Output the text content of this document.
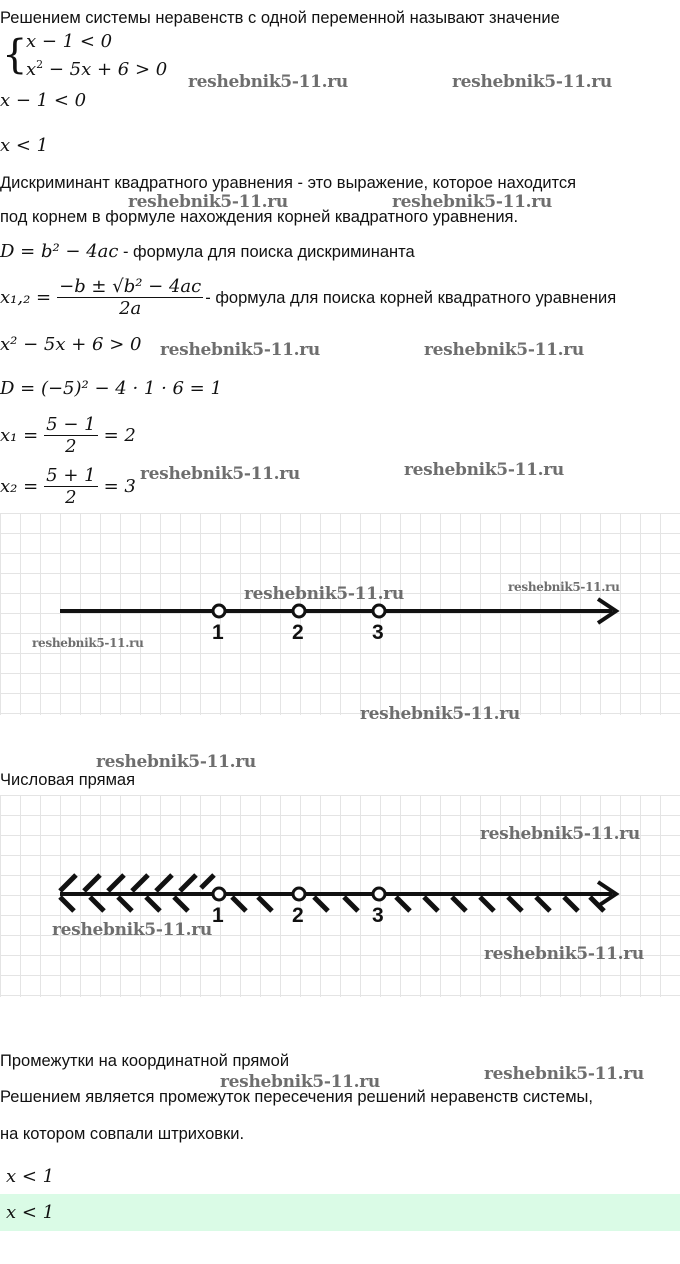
Решением системы неравенств с одной переменной называют значение
{
x − 1 < 0
$x^2 - 5x + 6 > 0$
x − 1 < 0
x < 1
Дискриминант квадратного уравнения - это выражение, которое находится
под корнем в формуле нахождения корней квадратного уравнения.
D = b² − 4ac - формула для поиска дискриминанта
$x_1,_2 = \frac{\text{−b ± √b² − 4ac}}{2a}$ - формула для поиска корней квадратного уравнения
x² − 5x + 6 > 0
D = (−5)² − 4 · 1 · 6 = 1
$x_1 = \frac{5 - 1}{2} = 2$
$x_2 = \frac{5 + 1}{2} = 3$
1	2	3
Числовая прямая
1	2	3
Промежутки на координатной прямой
Решением является промежуток пересечения решений неравенств системы,
на котором совпали штриховки.
x < 1
x < 1
reshebnik5-11.ru	reshebnik5-11.ru
reshebnik5-11.ru	reshebnik5-11.ru
reshebnik5-11.ru	reshebnik5-11.ru
reshebnik5-11.ru	reshebnik5-11.ru
reshebnik5-11.ru	reshebnik5-11.ru
reshebnik5-11.ru
reshebnik5-11.ru
reshebnik5-11.ru
reshebnik5-11.ru
reshebnik5-11.ru
reshebnik5-11.ru
reshebnik5-11.ru
reshebnik5-11.ru
